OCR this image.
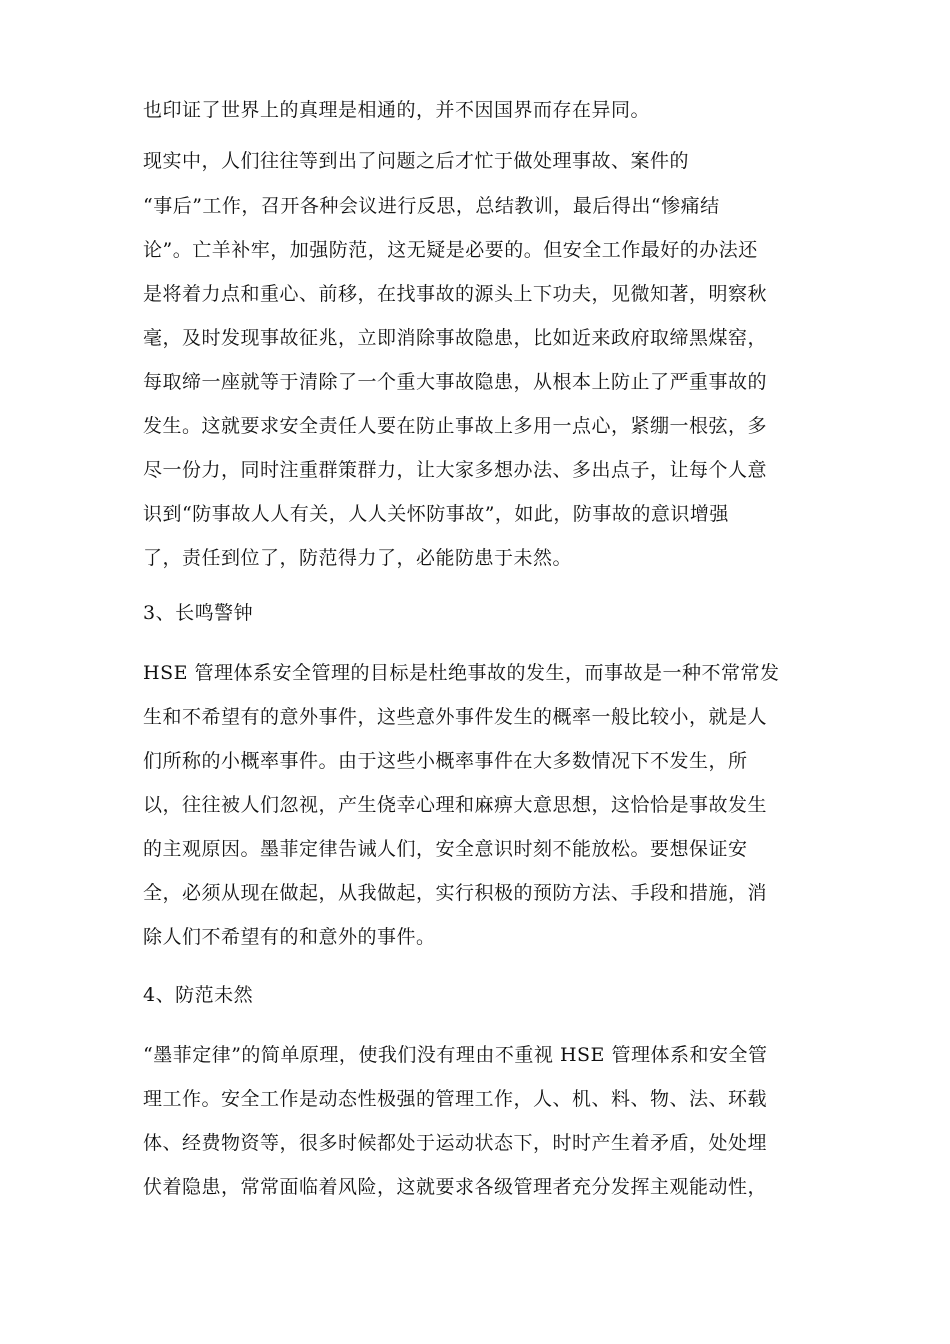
也印证了世界上的真理是相通的，并不因国界而存在异同。
现实中，人们往往等到出了问题之后才忙于做处理事故、案件的
“事后”工作，召开各种会议进行反思，总结教训，最后得出“惨痛结
论”。亡羊补牢，加强防范，这无疑是必要的。但安全工作最好的办法还
是将着力点和重心、前移，在找事故的源头上下功夫，见微知著，明察秋
毫，及时发现事故征兆，立即消除事故隐患，比如近来政府取缔黑煤窑，
每取缔一座就等于清除了一个重大事故隐患，从根本上防止了严重事故的
发生。这就要求安全责任人要在防止事故上多用一点心，紧绷一根弦，多
尽一份力，同时注重群策群力，让大家多想办法、多出点子，让每个人意
识到“防事故人人有关，人人关怀防事故”，如此，防事故的意识增强
了，责任到位了，防范得力了，必能防患于未然。
3、长鸣警钟
HSE 管理体系安全管理的目标是杜绝事故的发生，而事故是一种不常常发
生和不希望有的意外事件，这些意外事件发生的概率一般比较小，就是人
们所称的小概率事件。由于这些小概率事件在大多数情况下不发生，所
以，往往被人们忽视，产生侥幸心理和麻痹大意思想，这恰恰是事故发生
的主观原因。墨菲定律告诫人们，安全意识时刻不能放松。要想保证安
全，必须从现在做起，从我做起，实行积极的预防方法、手段和措施，消
除人们不希望有的和意外的事件。
4、防范未然
“墨菲定律”的简单原理，使我们没有理由不重视 HSE 管理体系和安全管
理工作。安全工作是动态性极强的管理工作，人、机、料、物、法、环载
体、经费物资等，很多时候都处于运动状态下，时时产生着矛盾，处处埋
伏着隐患，常常面临着风险，这就要求各级管理者充分发挥主观能动性，
